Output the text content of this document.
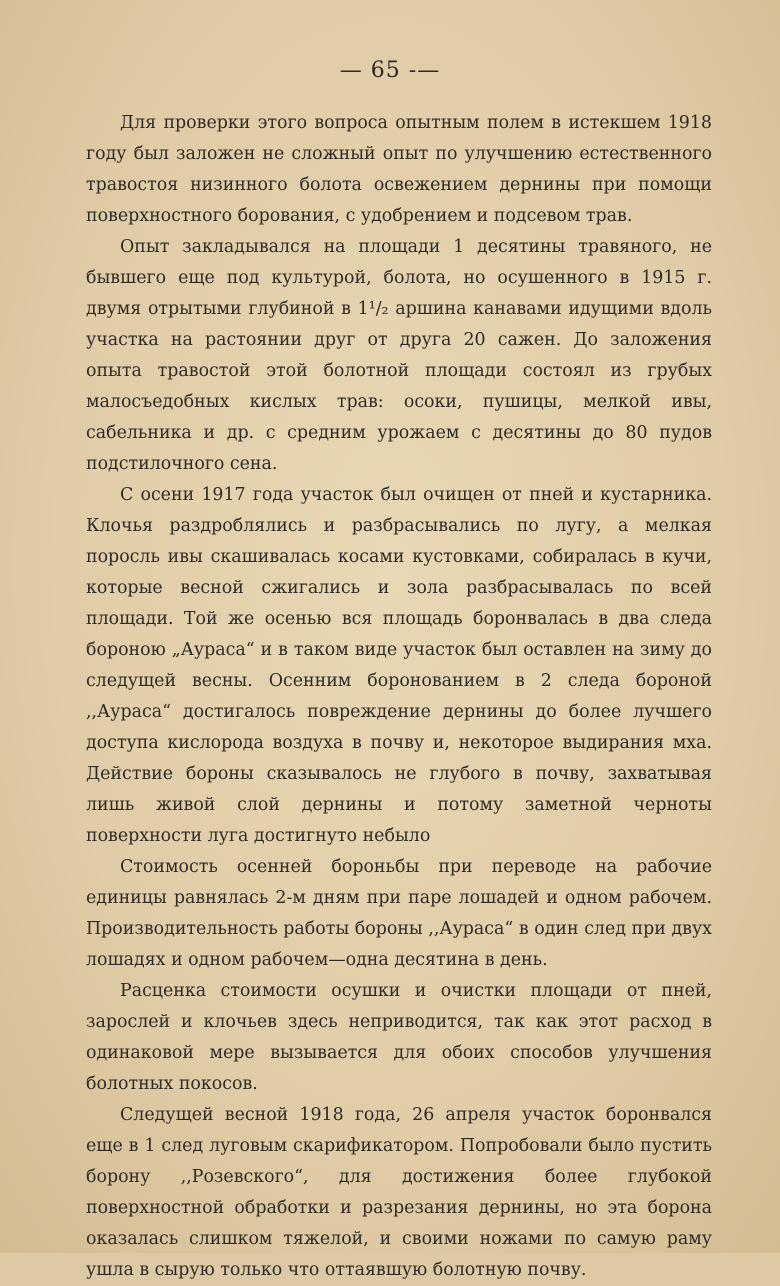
— 65 -—

Для проверки этого вопроса опытным полем в истекшем 1918 году был заложен не сложный опыт по улучшению естественного травостоя низинного болота освежением дернины при помощи поверхностного борования, с удобрением и подсевом трав.

Опыт закладывался на площади 1 десятины травяного, не бывшего еще под культурой, болота, но осушенного в 1915 г. двумя отрытыми глубиной в 1¹/₂ аршина канавами идущими вдоль участка на растоянии друг от друга 20 сажен. До заложения опыта травостой этой болотной площади состоял из грубых малосъедобных кислых трав: осоки, пушицы, мелкой ивы, сабельника и др. с средним урожаем с десятины до 80 пудов подстилочного сена.

С осени 1917 года участок был очищен от пней и кустарника. Клочья раздроблялись и разбрасывались по лугу, а мелкая поросль ивы скашивалась косами кустовками, собиралась в кучи, которые весной сжигались и зола разбрасывалась по всей площади. Той же осенью вся площадь боронвалась в два следа бороною „Ауpаса“ и в таком виде участок был оставлен на зиму до следущей весны. Осенним боронованием в 2 следа бороной ,,Ауpаса“ достигалось повреждение дернины до более лучшего доступа кислорода воздуха в почву и, некоторое выдирания мха. Действие бороны сказывалось не глубого в почву, захватывая лишь живой слой дернины и потому заметной черноты поверхности луга достигнуто небыло

Стоимость осенней бороньбы при переводе на рабочие единицы равнялась 2-м дням при паре лошадей и одном рабочем. Производительность работы бороны ,,Ауpаса“ в один след при двух лошадях и одном рабочем—одна десятина в день.

Расценка стоимости осушки и очистки площади от пней, зарослей и клочьев здесь неприводится, так как этот расход в одинаковой мере вызывается для обоих способов улучшения болотных покосов.

Следущей весной 1918 года, 26 апреля участок боронвался еще в 1 след луговым скарификатором. Попробовали было пустить борону ,,Розевского“, для достижения более глубокой поверхностной обработки и разрезания дернины, но эта борона оказалась слишком тяжелой, и своими ножами по самую раму ушла в сырую только что оттаявшую болотную почву.
